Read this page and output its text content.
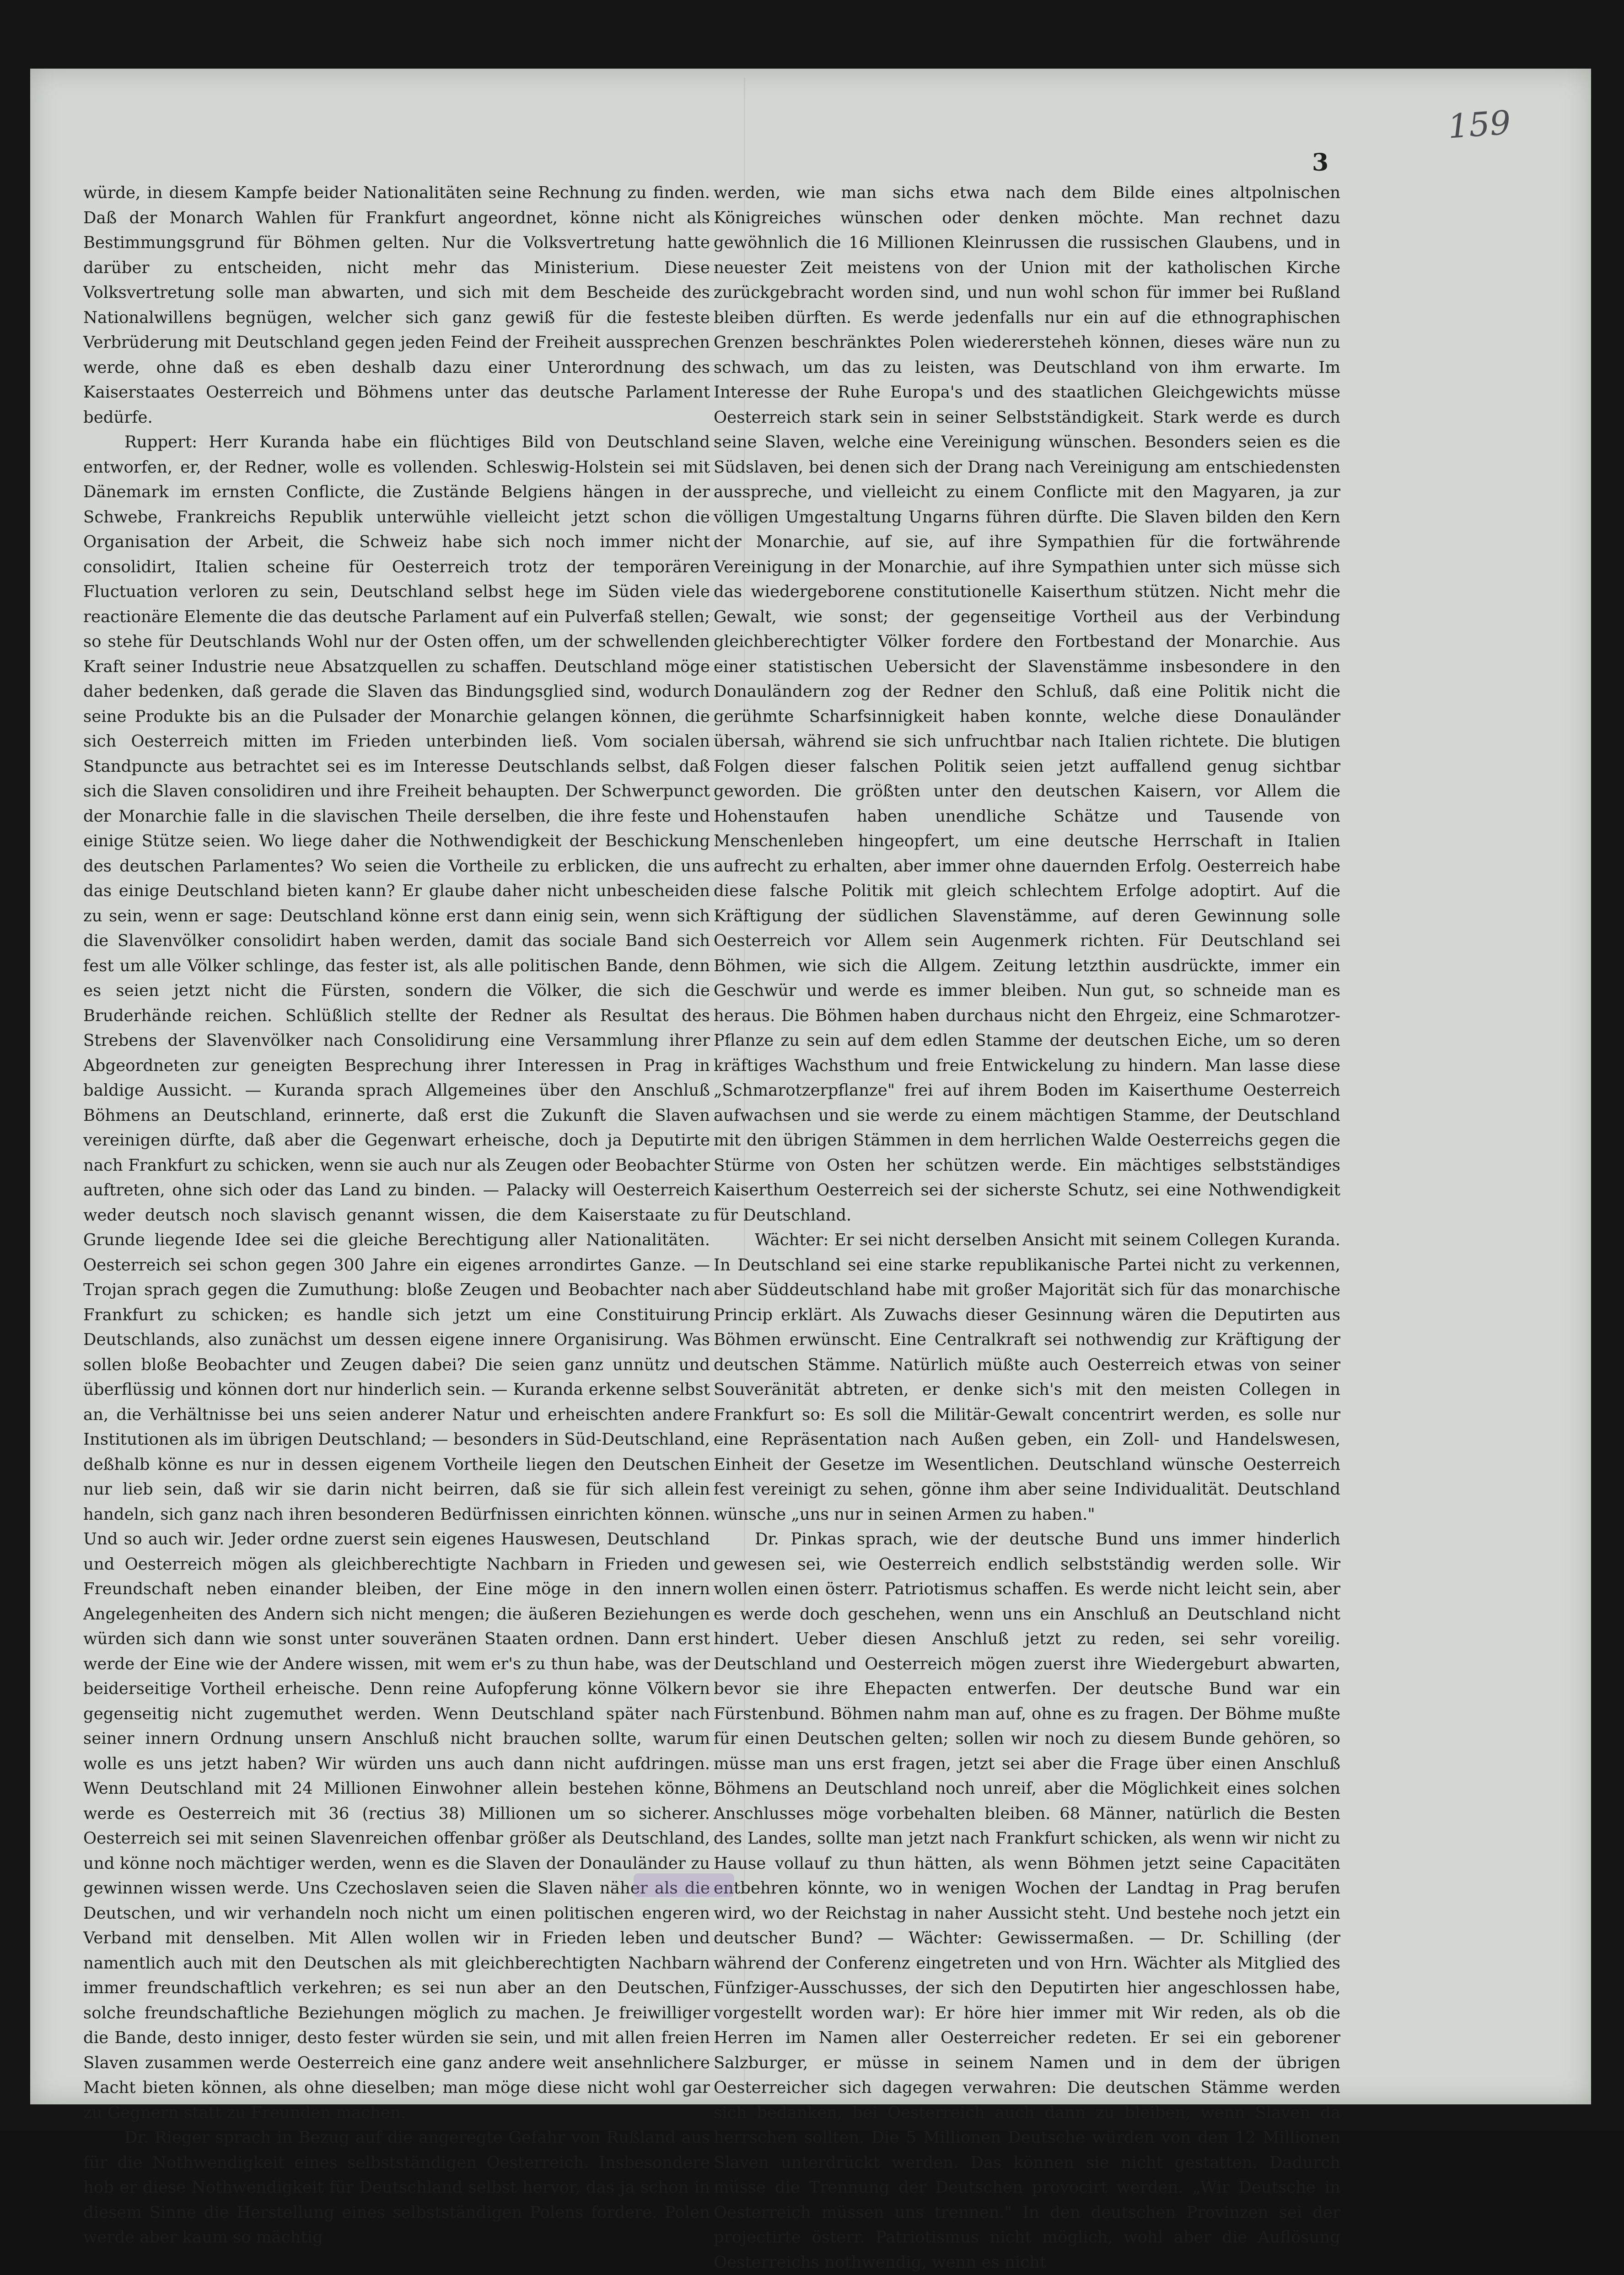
159
3

würde, in diesem Kampfe beider Nationalitäten seine Rechnung zu finden. Daß der Monarch Wahlen für Frankfurt angeordnet, könne nicht als Bestimmungsgrund für Böhmen gelten. Nur die Volksvertretung hatte darüber zu entscheiden, nicht mehr das Ministerium. Diese Volksvertretung solle man abwarten, und sich mit dem Bescheide des Nationalwillens begnügen, welcher sich ganz gewiß für die festeste Verbrüderung mit Deutschland gegen jeden Feind der Freiheit aussprechen werde, ohne daß es eben deshalb dazu einer Unterordnung des Kaiserstaates Oesterreich und Böhmens unter das deutsche Parlament bedürfe.

Ruppert: Herr Kuranda habe ein flüchtiges Bild von Deutschland entworfen, er, der Redner, wolle es vollenden. Schleswig-Holstein sei mit Dänemark im ernsten Conflicte, die Zustände Belgiens hängen in der Schwebe, Frankreichs Republik unterwühle vielleicht jetzt schon die Organisation der Arbeit, die Schweiz habe sich noch immer nicht consolidirt, Italien scheine für Oesterreich trotz der temporären Fluctuation verloren zu sein, Deutschland selbst hege im Süden viele reactionäre Elemente die das deutsche Parlament auf ein Pulverfaß stellen; so stehe für Deutschlands Wohl nur der Osten offen, um der schwellenden Kraft seiner Industrie neue Absatzquellen zu schaffen. Deutschland möge daher bedenken, daß gerade die Slaven das Bindungsglied sind, wodurch seine Produkte bis an die Pulsader der Monarchie gelangen können, die sich Oesterreich mitten im Frieden unterbinden ließ. Vom socialen Standpuncte aus betrachtet sei es im Interesse Deutschlands selbst, daß sich die Slaven consolidiren und ihre Freiheit behaupten. Der Schwerpunct der Monarchie falle in die slavischen Theile derselben, die ihre feste und einige Stütze seien. Wo liege daher die Nothwendigkeit der Beschickung des deutschen Parlamentes? Wo seien die Vortheile zu erblicken, die uns das einige Deutschland bieten kann? Er glaube daher nicht unbescheiden zu sein, wenn er sage: Deutschland könne erst dann einig sein, wenn sich die Slavenvölker consolidirt haben werden, damit das sociale Band sich fest um alle Völker schlinge, das fester ist, als alle politischen Bande, denn es seien jetzt nicht die Fürsten, sondern die Völker, die sich die Bruderhände reichen. Schlüßlich stellte der Redner als Resultat des Strebens der Slavenvölker nach Consolidirung eine Versammlung ihrer Abgeordneten zur geneigten Besprechung ihrer Interessen in Prag in baldige Aussicht. — Kuranda sprach Allgemeines über den Anschluß Böhmens an Deutschland, erinnerte, daß erst die Zukunft die Slaven vereinigen dürfte, daß aber die Gegenwart erheische, doch ja Deputirte nach Frankfurt zu schicken, wenn sie auch nur als Zeugen oder Beobachter auftreten, ohne sich oder das Land zu binden. — Palacky will Oesterreich weder deutsch noch slavisch genannt wissen, die dem Kaiserstaate zu Grunde liegende Idee sei die gleiche Berechtigung aller Nationalitäten. Oesterreich sei schon gegen 300 Jahre ein eigenes arrondirtes Ganze. — Trojan sprach gegen die Zumuthung: bloße Zeugen und Beobachter nach Frankfurt zu schicken; es handle sich jetzt um eine Constituirung Deutschlands, also zunächst um dessen eigene innere Organisirung. Was sollen bloße Beobachter und Zeugen dabei? Die seien ganz unnütz und überflüssig und können dort nur hinderlich sein. — Kuranda erkenne selbst an, die Verhältnisse bei uns seien anderer Natur und erheischten andere Institutionen als im übrigen Deutschland; — besonders in Süd-Deutschland, deßhalb könne es nur in dessen eigenem Vortheile liegen den Deutschen nur lieb sein, daß wir sie darin nicht beirren, daß sie für sich allein handeln, sich ganz nach ihren besonderen Bedürfnissen einrichten können. Und so auch wir. Jeder ordne zuerst sein eigenes Hauswesen, Deutschland und Oesterreich mögen als gleichberechtigte Nachbarn in Frieden und Freundschaft neben einander bleiben, der Eine möge in den innern Angelegenheiten des Andern sich nicht mengen; die äußeren Beziehungen würden sich dann wie sonst unter souveränen Staaten ordnen. Dann erst werde der Eine wie der Andere wissen, mit wem er's zu thun habe, was der beiderseitige Vortheil erheische. Denn reine Aufopferung könne Völkern gegenseitig nicht zugemuthet werden. Wenn Deutschland später nach seiner innern Ordnung unsern Anschluß nicht brauchen sollte, warum wolle es uns jetzt haben? Wir würden uns auch dann nicht aufdringen. Wenn Deutschland mit 24 Millionen Einwohner allein bestehen könne, werde es Oesterreich mit 36 (rectius 38) Millionen um so sicherer. Oesterreich sei mit seinen Slavenreichen offenbar größer als Deutschland, und könne noch mächtiger werden, wenn es die Slaven der Donauländer zu gewinnen wissen werde. Uns Czechoslaven seien die Slaven näher als die Deutschen, und wir verhandeln noch nicht um einen politischen engeren Verband mit denselben. Mit Allen wollen wir in Frieden leben und namentlich auch mit den Deutschen als mit gleichberechtigten Nachbarn immer freundschaftlich verkehren; es sei nun aber an den Deutschen, solche freundschaftliche Beziehungen möglich zu machen. Je freiwilliger die Bande, desto inniger, desto fester würden sie sein, und mit allen freien Slaven zusammen werde Oesterreich eine ganz andere weit ansehnlichere Macht bieten können, als ohne dieselben; man möge diese nicht wohl gar zu Gegnern statt zu Freunden machen.

Dr. Rieger sprach in Bezug auf die angeregte Gefahr von Rußland aus für die Nothwendigkeit eines selbstständigen Oesterreich. Insbesondere hob er diese Nothwendigkeit für Deutschland selbst hervor, das ja schon in diesem Sinne die Herstellung eines selbstständigen Polens fordere. Polen werde aber kaum so mächtig

werden, wie man sichs etwa nach dem Bilde eines altpolnischen Königreiches wünschen oder denken möchte. Man rechnet dazu gewöhnlich die 16 Millionen Kleinrussen die russischen Glaubens, und in neuester Zeit meistens von der Union mit der katholischen Kirche zurückgebracht worden sind, und nun wohl schon für immer bei Rußland bleiben dürften. Es werde jedenfalls nur ein auf die ethnographischen Grenzen beschränktes Polen wiederersteheh können, dieses wäre nun zu schwach, um das zu leisten, was Deutschland von ihm erwarte. Im Interesse der Ruhe Europa's und des staatlichen Gleichgewichts müsse Oesterreich stark sein in seiner Selbstständigkeit. Stark werde es durch seine Slaven, welche eine Vereinigung wünschen. Besonders seien es die Südslaven, bei denen sich der Drang nach Vereinigung am entschiedensten ausspreche, und vielleicht zu einem Conflicte mit den Magyaren, ja zur völligen Umgestaltung Ungarns führen dürfte. Die Slaven bilden den Kern der Monarchie, auf sie, auf ihre Sympathien für die fortwährende Vereinigung in der Monarchie, auf ihre Sympathien unter sich müsse sich das wiedergeborene constitutionelle Kaiserthum stützen. Nicht mehr die Gewalt, wie sonst; der gegenseitige Vortheil aus der Verbindung gleichberechtigter Völker fordere den Fortbestand der Monarchie. Aus einer statistischen Uebersicht der Slavenstämme insbesondere in den Donauländern zog der Redner den Schluß, daß eine Politik nicht die gerühmte Scharfsinnigkeit haben konnte, welche diese Donauländer übersah, während sie sich unfruchtbar nach Italien richtete. Die blutigen Folgen dieser falschen Politik seien jetzt auffallend genug sichtbar geworden. Die größten unter den deutschen Kaisern, vor Allem die Hohenstaufen haben unendliche Schätze und Tausende von Menschenleben hingeopfert, um eine deutsche Herrschaft in Italien aufrecht zu erhalten, aber immer ohne dauernden Erfolg. Oesterreich habe diese falsche Politik mit gleich schlechtem Erfolge adoptirt. Auf die Kräftigung der südlichen Slavenstämme, auf deren Gewinnung solle Oesterreich vor Allem sein Augenmerk richten. Für Deutschland sei Böhmen, wie sich die Allgem. Zeitung letzthin ausdrückte, immer ein Geschwür und werde es immer bleiben. Nun gut, so schneide man es heraus. Die Böhmen haben durchaus nicht den Ehrgeiz, eine Schmarotzer-Pflanze zu sein auf dem edlen Stamme der deutschen Eiche, um so deren kräftiges Wachsthum und freie Entwickelung zu hindern. Man lasse diese „Schmarotzerpflanze" frei auf ihrem Boden im Kaiserthume Oesterreich aufwachsen und sie werde zu einem mächtigen Stamme, der Deutschland mit den übrigen Stämmen in dem herrlichen Walde Oesterreichs gegen die Stürme von Osten her schützen werde. Ein mächtiges selbstständiges Kaiserthum Oesterreich sei der sicherste Schutz, sei eine Nothwendigkeit für Deutschland.

Wächter: Er sei nicht derselben Ansicht mit seinem Collegen Kuranda. In Deutschland sei eine starke republikanische Partei nicht zu verkennen, aber Süddeutschland habe mit großer Majorität sich für das monarchische Princip erklärt. Als Zuwachs dieser Gesinnung wären die Deputirten aus Böhmen erwünscht. Eine Centralkraft sei nothwendig zur Kräftigung der deutschen Stämme. Natürlich müßte auch Oesterreich etwas von seiner Souveränität abtreten, er denke sich's mit den meisten Collegen in Frankfurt so: Es soll die Militär-Gewalt concentrirt werden, es solle nur eine Repräsentation nach Außen geben, ein Zoll- und Handelswesen, Einheit der Gesetze im Wesentlichen. Deutschland wünsche Oesterreich fest vereinigt zu sehen, gönne ihm aber seine Individualität. Deutschland wünsche „uns nur in seinen Armen zu haben."

Dr. Pinkas sprach, wie der deutsche Bund uns immer hinderlich gewesen sei, wie Oesterreich endlich selbstständig werden solle. Wir wollen einen österr. Patriotismus schaffen. Es werde nicht leicht sein, aber es werde doch geschehen, wenn uns ein Anschluß an Deutschland nicht hindert. Ueber diesen Anschluß jetzt zu reden, sei sehr voreilig. Deutschland und Oesterreich mögen zuerst ihre Wiedergeburt abwarten, bevor sie ihre Ehepacten entwerfen. Der deutsche Bund war ein Fürstenbund. Böhmen nahm man auf, ohne es zu fragen. Der Böhme mußte für einen Deutschen gelten; sollen wir noch zu diesem Bunde gehören, so müsse man uns erst fragen, jetzt sei aber die Frage über einen Anschluß Böhmens an Deutschland noch unreif, aber die Möglichkeit eines solchen Anschlusses möge vorbehalten bleiben. 68 Männer, natürlich die Besten des Landes, sollte man jetzt nach Frankfurt schicken, als wenn wir nicht zu Hause vollauf zu thun hätten, als wenn Böhmen jetzt seine Capacitäten entbehren könnte, wo in wenigen Wochen der Landtag in Prag berufen wird, wo der Reichstag in naher Aussicht steht. Und bestehe noch jetzt ein deutscher Bund? — Wächter: Gewissermaßen. — Dr. Schilling (der während der Conferenz eingetreten und von Hrn. Wächter als Mitglied des Fünfziger-Ausschusses, der sich den Deputirten hier angeschlossen habe, vorgestellt worden war): Er höre hier immer mit Wir reden, als ob die Herren im Namen aller Oesterreicher redeten. Er sei ein geborener Salzburger, er müsse in seinem Namen und in dem der übrigen Oesterreicher sich dagegen verwahren: Die deutschen Stämme werden sich bedanken, bei Oesterreich auch dann zu bleiben, wenn Slaven da herrschen sollten. Die 5 Millionen Deutsche würden von den 12 Millionen Slaven unterdrückt werden. Das können sie nicht gestatten. Dadurch müsse die Trennung der Deutschen provocirt werden. „Wir Deutsche in Oesterreich müssen uns trennen." In den deutschen Provinzen sei der projectirte österr. Patriotismus nicht möglich, wohl aber die Auflösung Oesterreichs nothwendig, wenn es nicht
